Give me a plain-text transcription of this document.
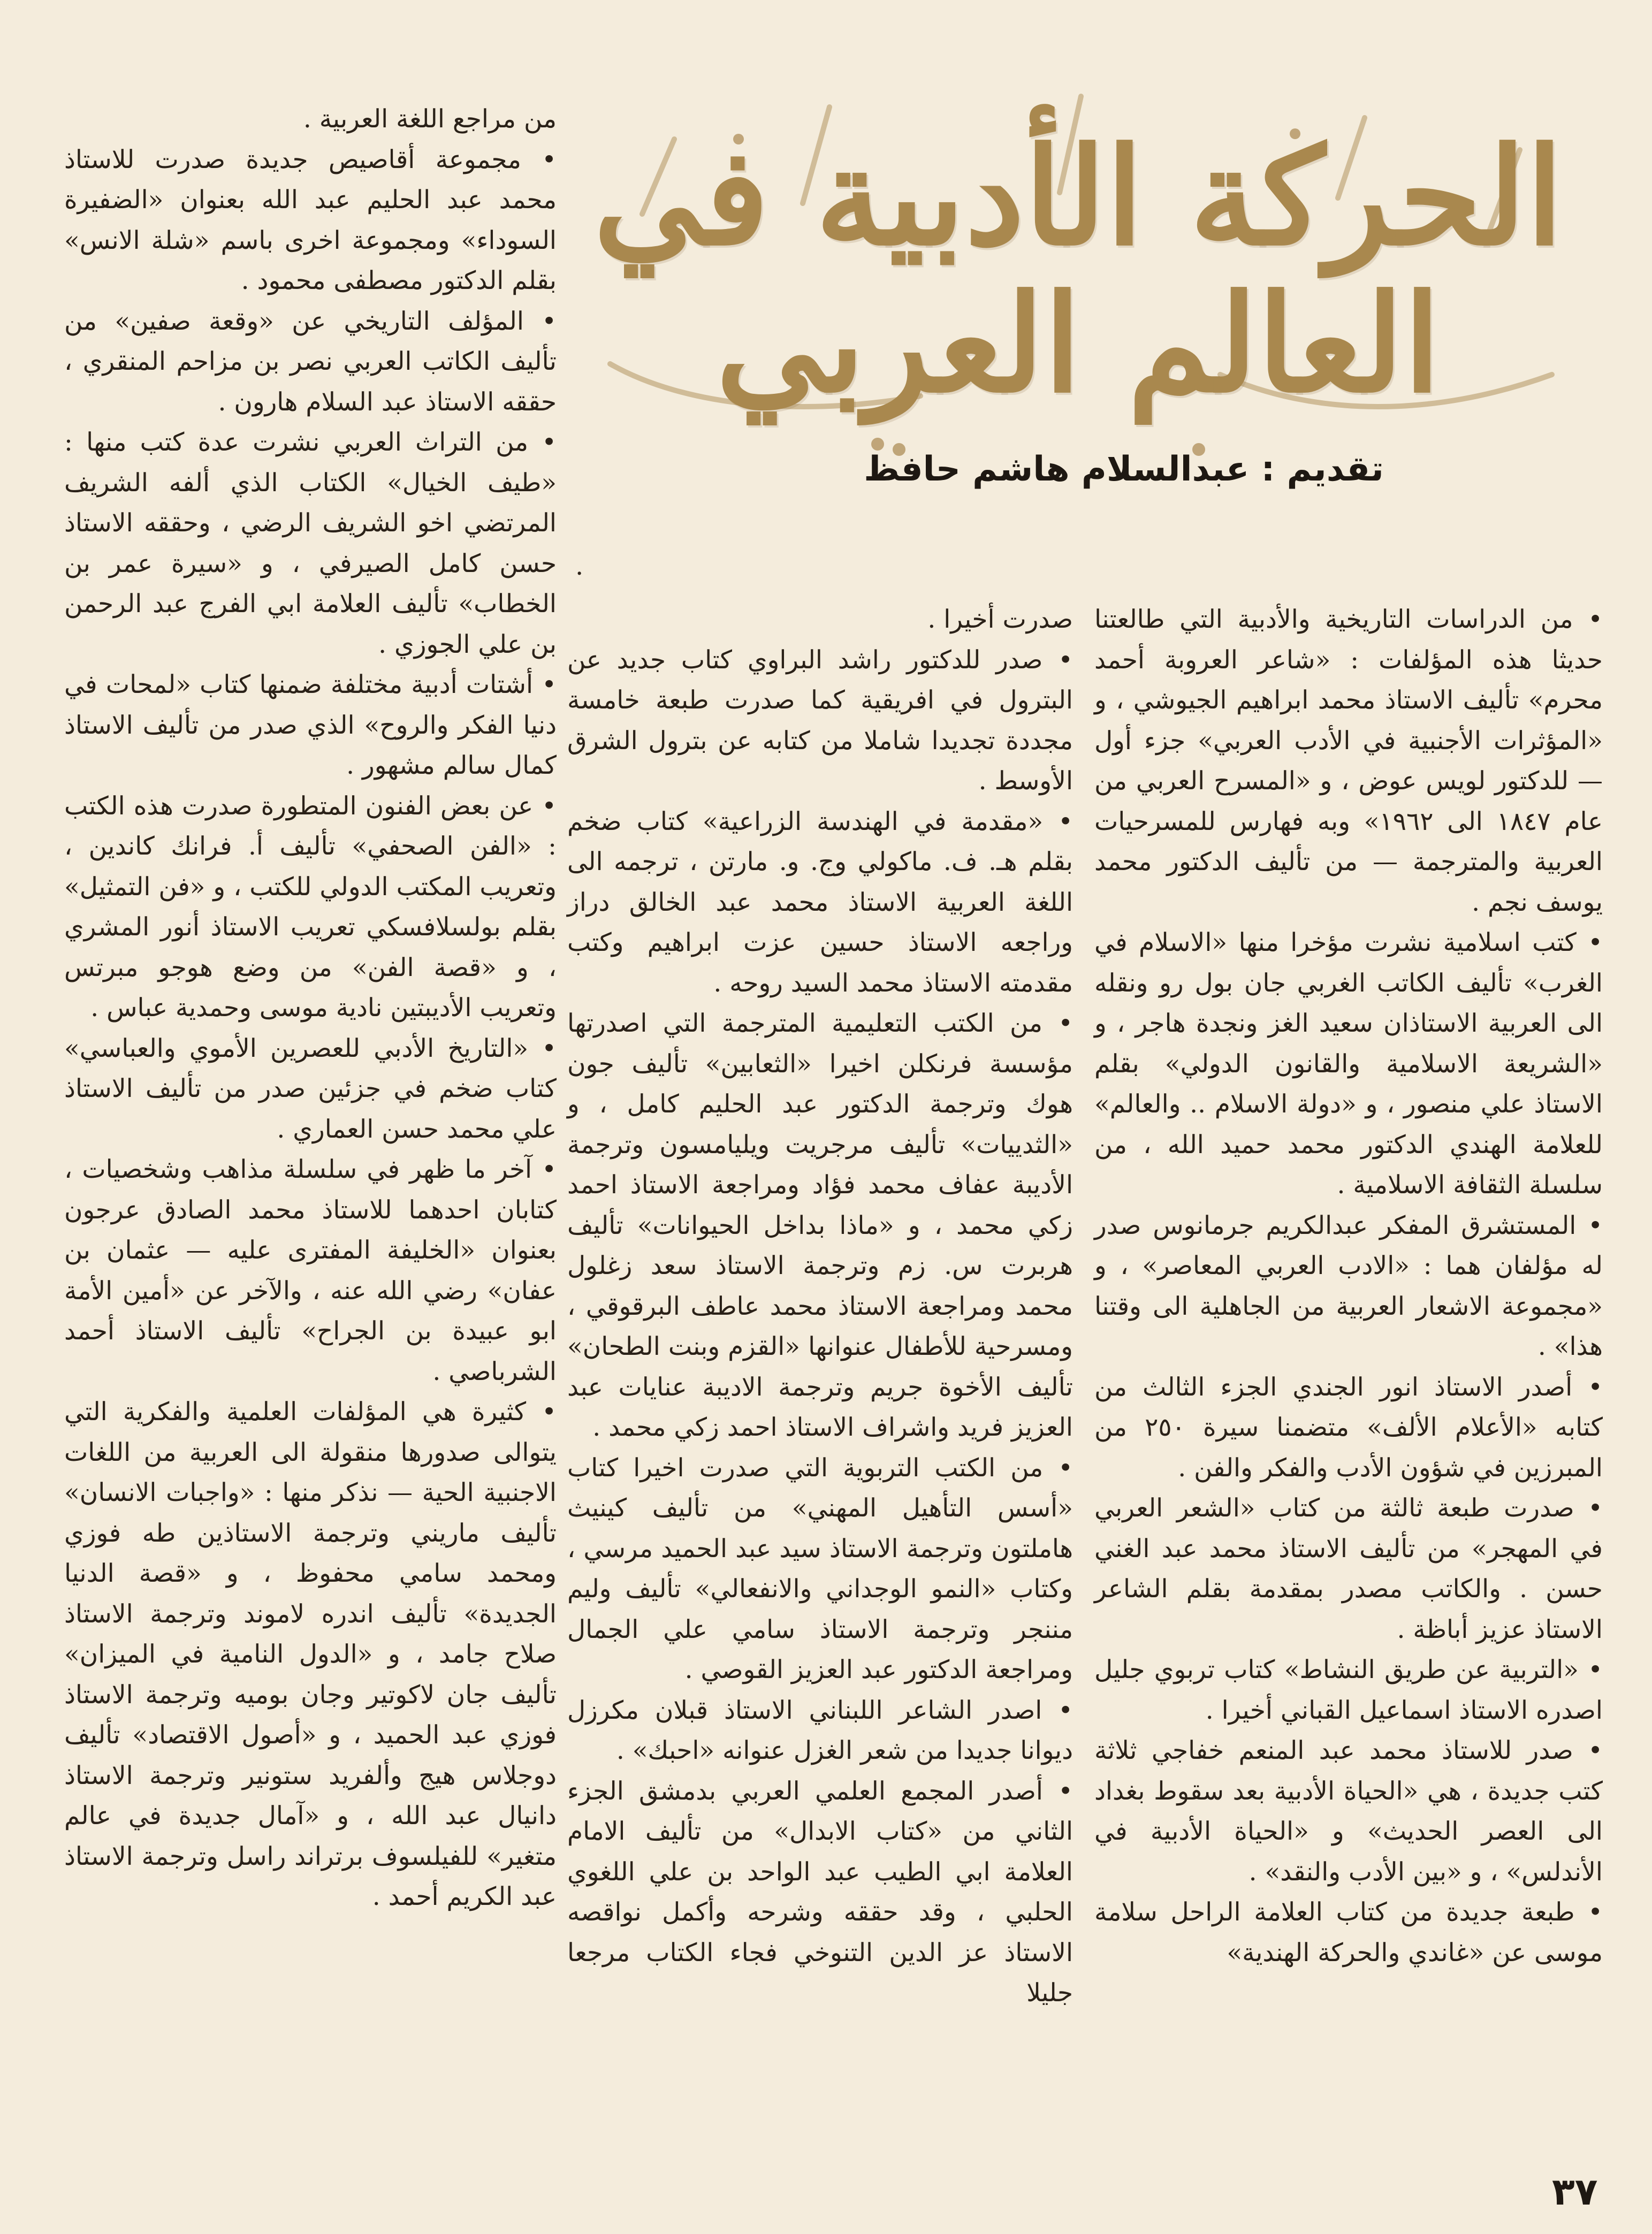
الحركة الأدبية في العالم العربي
تقديم : عبدالسلام هاشم حافظ
.

• من الدراسات التاريخية والأدبية التي طالعتنا حديثا هذه المؤلفات : «شاعر العروبة أحمد محرم» تأليف الاستاذ محمد ابراهيم الجيوشي ، و «المؤثرات الأجنبية في الأدب العربي» جزء أول — للدكتور لويس عوض ، و «المسرح العربي من عام ١٨٤٧ الى ١٩٦٢» وبه فهارس للمسرحيات العربية والمترجمة — من تأليف الدكتور محمد يوسف نجم .

• كتب اسلامية نشرت مؤخرا منها «الاسلام في الغرب» تأليف الكاتب الغربي جان بول رو ونقله الى العربية الاستاذان سعيد الغز ونجدة هاجر ، و «الشريعة الاسلامية والقانون الدولي» بقلم الاستاذ علي منصور ، و «دولة الاسلام .. والعالم» للعلامة الهندي الدكتور محمد حميد الله ، من سلسلة الثقافة الاسلامية .

• المستشرق المفكر عبدالكريم جرمانوس صدر له مؤلفان هما : «الادب العربي المعاصر» ، و «مجموعة الاشعار العربية من الجاهلية الى وقتنا هذا» .

• أصدر الاستاذ انور الجندي الجزء الثالث من كتابه «الأعلام الألف» متضمنا سيرة ٢٥٠ من المبرزين في شؤون الأدب والفكر والفن .

• صدرت طبعة ثالثة من كتاب «الشعر العربي في المهجر» من تأليف الاستاذ محمد عبد الغني حسن . والكاتب مصدر بمقدمة بقلم الشاعر الاستاذ عزيز أباظة .

• «التربية عن طريق النشاط» كتاب تربوي جليل اصدره الاستاذ اسماعيل القباني أخيرا .

• صدر للاستاذ محمد عبد المنعم خفاجي ثلاثة كتب جديدة ، هي «الحياة الأدبية بعد سقوط بغداد الى العصر الحديث» و «الحياة الأدبية في الأندلس» ، و «بين الأدب والنقد» .

• طبعة جديدة من كتاب العلامة الراحل سلامة موسى عن «غاندي والحركة الهندية»

صدرت أخيرا .

• صدر للدكتور راشد البراوي كتاب جديد عن البترول في افريقية كما صدرت طبعة خامسة مجددة تجديدا شاملا من كتابه عن بترول الشرق الأوسط .

• «مقدمة في الهندسة الزراعية» كتاب ضخم بقلم هـ. ف. ماكولي وج. و. مارتن ، ترجمه الى اللغة العربية الاستاذ محمد عبد الخالق دراز وراجعه الاستاذ حسين عزت ابراهيم وكتب مقدمته الاستاذ محمد السيد روحه .

• من الكتب التعليمية المترجمة التي اصدرتها مؤسسة فرنكلن اخيرا «الثعابين» تأليف جون هوك وترجمة الدكتور عبد الحليم كامل ، و «الثدييات» تأليف مرجريت ويليامسون وترجمة الأديبة عفاف محمد فؤاد ومراجعة الاستاذ احمد زكي محمد ، و «ماذا بداخل الحيوانات» تأليف هربرت س. زم وترجمة الاستاذ سعد زغلول محمد ومراجعة الاستاذ محمد عاطف البرقوقي ، ومسرحية للأطفال عنوانها «القزم وبنت الطحان» تأليف الأخوة جريم وترجمة الاديبة عنايات عبد العزيز فريد واشراف الاستاذ احمد زكي محمد .

• من الكتب التربوية التي صدرت اخيرا كتاب «أسس التأهيل المهني» من تأليف كينيث هاملتون وترجمة الاستاذ سيد عبد الحميد مرسي ، وكتاب «النمو الوجداني والانفعالي» تأليف وليم مننجر وترجمة الاستاذ سامي علي الجمال ومراجعة الدكتور عبد العزيز القوصي .

• اصدر الشاعر اللبناني الاستاذ قبلان مكرزل ديوانا جديدا من شعر الغزل عنوانه «احبك» .

• أصدر المجمع العلمي العربي بدمشق الجزء الثاني من «كتاب الابدال» من تأليف الامام العلامة ابي الطيب عبد الواحد بن علي اللغوي الحلبي ، وقد حققه وشرحه وأكمل نواقصه الاستاذ عز الدين التنوخي فجاء الكتاب مرجعا جليلا

من مراجع اللغة العربية .

• مجموعة أقاصيص جديدة صدرت للاستاذ محمد عبد الحليم عبد الله بعنوان «الضفيرة السوداء» ومجموعة اخرى باسم «شلة الانس» بقلم الدكتور مصطفى محمود .

• المؤلف التاريخي عن «وقعة صفين» من تأليف الكاتب العربي نصر بن مزاحم المنقري ، حققه الاستاذ عبد السلام هارون .

• من التراث العربي نشرت عدة كتب منها : «طيف الخيال» الكتاب الذي ألفه الشريف المرتضي اخو الشريف الرضي ، وحققه الاستاذ حسن كامل الصيرفي ، و «سيرة عمر بن الخطاب» تأليف العلامة ابي الفرج عبد الرحمن بن علي الجوزي .

• أشتات أدبية مختلفة ضمنها كتاب «لمحات في دنيا الفكر والروح» الذي صدر من تأليف الاستاذ كمال سالم مشهور .

• عن بعض الفنون المتطورة صدرت هذه الكتب : «الفن الصحفي» تأليف أ. فرانك كاندين ، وتعريب المكتب الدولي للكتب ، و «فن التمثيل» بقلم بولسلافسكي تعريب الاستاذ أنور المشري ، و «قصة الفن» من وضع هوجو مبرتس وتعريب الأديبتين نادية موسى وحمدية عباس .

• «التاريخ الأدبي للعصرين الأموي والعباسي» كتاب ضخم في جزئين صدر من تأليف الاستاذ علي محمد حسن العماري .

• آخر ما ظهر في سلسلة مذاهب وشخصيات ، كتابان احدهما للاستاذ محمد الصادق عرجون بعنوان «الخليفة المفترى عليه — عثمان بن عفان» رضي الله عنه ، والآخر عن «أمين الأمة ابو عبيدة بن الجراح» تأليف الاستاذ أحمد الشرباصي .

• كثيرة هي المؤلفات العلمية والفكرية التي يتوالى صدورها منقولة الى العربية من اللغات الاجنبية الحية — نذكر منها : «واجبات الانسان» تأليف ماريني وترجمة الاستاذين طه فوزي ومحمد سامي محفوظ ، و «قصة الدنيا الجديدة» تأليف اندره لاموند وترجمة الاستاذ صلاح جامد ، و «الدول النامية في الميزان» تأليف جان لاكوتير وجان بوميه وترجمة الاستاذ فوزي عبد الحميد ، و «أصول الاقتصاد» تأليف دوجلاس هيج وألفريد ستونير وترجمة الاستاذ دانيال عبد الله ، و «آمال جديدة في عالم متغير» للفيلسوف برتراند راسل وترجمة الاستاذ عبد الكريم أحمد .

٣٧
